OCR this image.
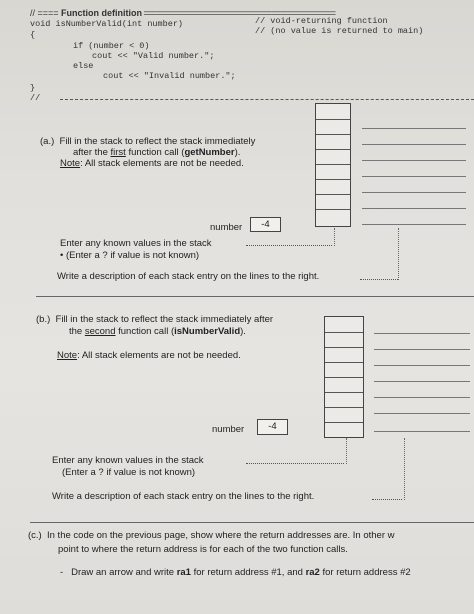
// ==== Function definition =============================================
void isNumberValid(int number)	// void-returning function
// (no value is returned to main)
{
if (number < 0)
cout << "Valid number.";
else
cout << "Invalid number.";
}
//
(a.) Fill in the stack to reflect the stack immediately
after the first function call (getNumber).
Note: All stack elements are not be needed.
number	-4
Enter any known values in the stack
• (Enter a ? if value is not known)
Write a description of each stack entry on the lines to the right.
(b.) Fill in the stack to reflect the stack immediately after
the second function call (isNumberValid).
Note: All stack elements are not be needed.
number	-4
Enter any known values in the stack
(Enter a ? if value is not known)
Write a description of each stack entry on the lines to the right.
(c.) In the code on the previous page, show where the return addresses are. In other w
point to where the return address is for each of the two function calls.
-   Draw an arrow and write ra1 for return address #1, and ra2 for return address #2
